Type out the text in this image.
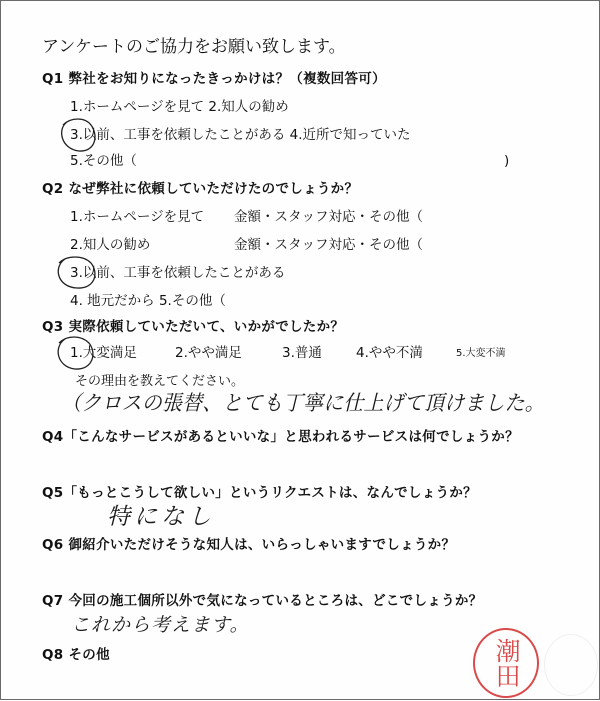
アンケートのご協力をお願い致します。
Q1 弊社をお知りになったきっかけは？（複数回答可）
1.ホームページを見て 2.知人の勧め
3.以前、工事を依頼したことがある 4.近所で知っていた
5.その他（	)
Q2 なぜ弊社に依頼していただけたのでしょうか？
1.ホームページを見て 金額・スタッフ対応・その他（
2.知人の勧め	金額・スタッフ対応・その他（
3.以前、工事を依頼したことがある
4. 地元だから 5.その他（
Q3 実際依頼していただいて、いかがでしたか？
1.大変満足	2.やや満足	3.普通	4.やや不満	5.大変不満
その理由を教えてください。
（クロスの張替、とても丁寧に仕上げて頂けました。
Q4「こんなサービスがあるといいな」と思われるサービスは何でしょうか？
Q5「もっとこうして欲しい」というリクエストは、なんでしょうか？
特になし
Q6 御紹介いただけそうな知人は、いらっしゃいますでしょうか？
Q7 今回の施工個所以外で気になっているところは、どこでしょうか？
これから考えます。
Q8 その他	潮田
